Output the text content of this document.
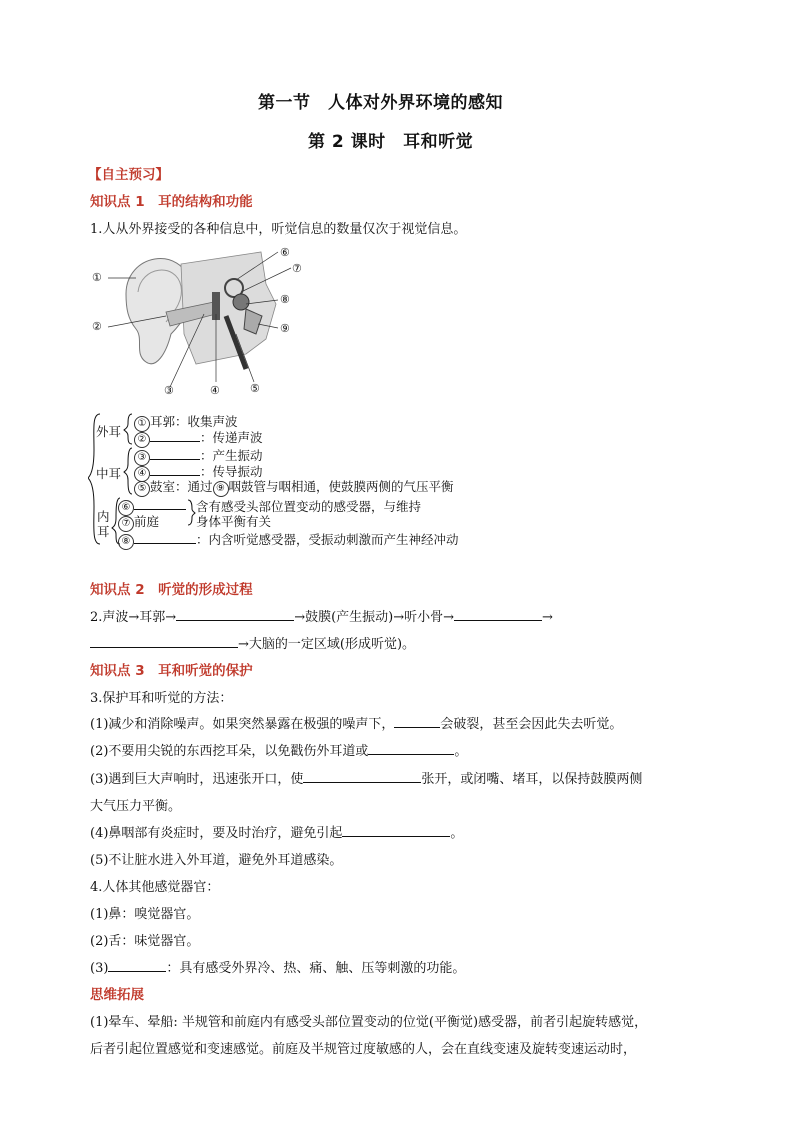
第一节　人体对外界环境的感知
第 2 课时　耳和听觉
【自主预习】
知识点 1　耳的结构和功能
1.人从外界接受的各种信息中，听觉信息的数量仅次于视觉信息。
①
②
③	④	⑤
⑥
⑦
⑧
⑨
外耳
中耳
内
耳
① 耳郭：收集声波
②	：传递声波
③	：产生振动
④	：传导振动
⑤ 鼓室：通过 ⑨ 咽鼓管与咽相通，使鼓膜两侧的气压平衡
⑥
⑦ 前庭
含有感受头部位置变动的感受器，与维持
身体平衡有关
⑧	：内含听觉感受器，受振动刺激而产生神经冲动
知识点 2　听觉的形成过程
2.声波→耳郭→	→鼓膜(产生振动)→听小骨→	→
→大脑的一定区域(形成听觉)。
知识点 3　耳和听觉的保护
3.保护耳和听觉的方法：
(1)减少和消除噪声。如果突然暴露在极强的噪声下，	会破裂，甚至会因此失去听觉。
(2)不要用尖锐的东西挖耳朵，以免戳伤外耳道或	。
(3)遇到巨大声响时，迅速张开口，使	张开，或闭嘴、堵耳，以保持鼓膜两侧
大气压力平衡。
(4)鼻咽部有炎症时，要及时治疗，避免引起	。
(5)不让脏水进入外耳道，避免外耳道感染。
4.人体其他感觉器官：
(1)鼻：嗅觉器官。
(2)舌：味觉器官。
(3)	：具有感受外界冷、热、痛、触、压等刺激的功能。
思维拓展
(1)晕车、晕船: 半规管和前庭内有感受头部位置变动的位觉(平衡觉)感受器，前者引起旋转感觉，
后者引起位置感觉和变速感觉。前庭及半规管过度敏感的人，会在直线变速及旋转变速运动时，
